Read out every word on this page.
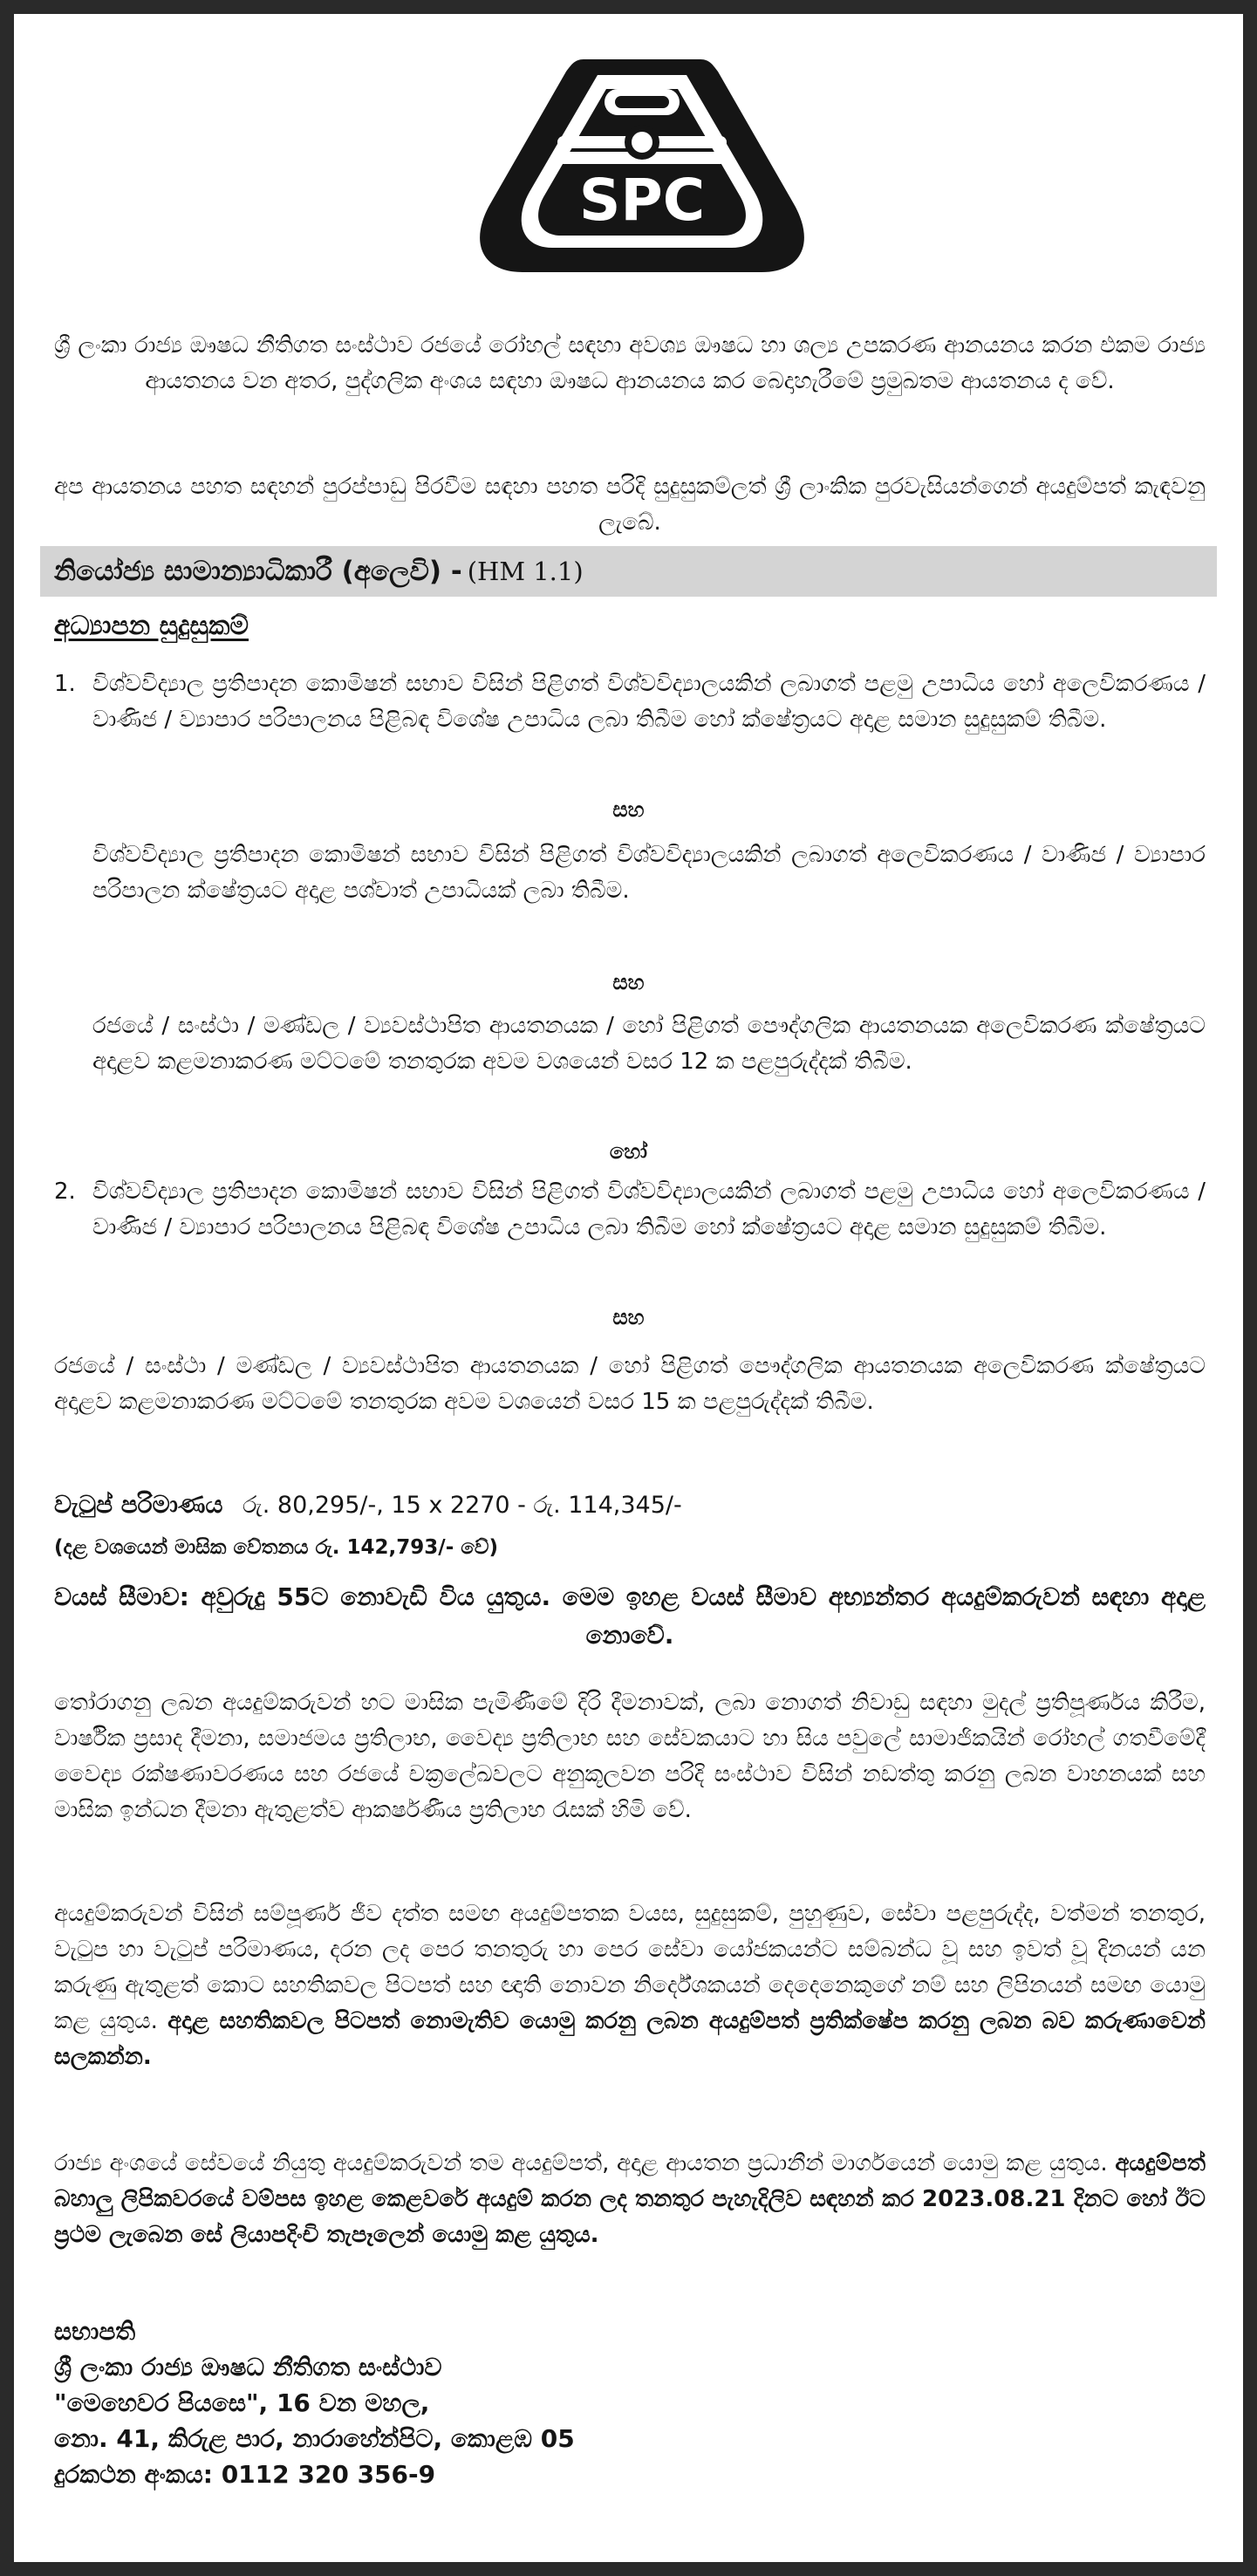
SPC

ශ්‍රී ලංකා රාජ්‍ය ඖෂධ නීතිගත සංස්ථාව රජයේ රෝහල් සඳහා අවශ්‍ය ඖෂධ හා ශල්‍ය උපකරණ ආනයනය කරන එකම රාජ්‍ය ආයතනය වන අතර, පුද්ගලික අංශය සඳහා ඖෂධ ආනයනය කර බෙදාහැරීමේ ප්‍රමුඛතම ආයතනය ද වේ.

අප ආයතනය පහත සඳහන් පුරප්පාඩු පිරවීම සඳහා පහත පරිදි සුදුසුකම්ලත් ශ්‍රී ලාංකික පුරවැසියන්ගෙන් අයදුම්පත් කැඳවනු ලැබේ.

නියෝජ්‍ය සාමාන්‍යාධිකාරී (අලෙවි) - (HM 1.1)
අධ්‍යාපන සුදුසුකම්
1. විශ්වවිද්‍යාල ප්‍රතිපාදන කොමිෂන් සභාව විසින් පිළිගත් විශ්වවිද්‍යාලයකින් ලබාගත් පළමු උපාධිය හෝ අලෙවිකරණය / වාණිජ / ව්‍යාපාර පරිපාලනය පිළිබඳ විශේෂ උපාධිය ලබා තිබීම හෝ ක්ෂේත්‍රයට අදාළ සමාන සුදුසුකම් තිබීම.
සහ
විශ්වවිද්‍යාල ප්‍රතිපාදන කොමිෂන් සභාව විසින් පිළිගත් විශ්වවිද්‍යාලයකින් ලබාගත් අලෙවිකරණය / වාණිජ / ව්‍යාපාර පරිපාලන ක්ෂේත්‍රයට අදාළ පශ්චාත් උපාධියක් ලබා තිබීම.
සහ
රජයේ / සංස්ථා / මණ්ඩල / ව්‍යවස්ථාපිත ආයතනයක / හෝ පිළිගත් පෞද්ගලික ආයතනයක අලෙවිකරණ ක්ෂේත්‍රයට අදාළව කළමනාකරණ මට්ටමේ තනතුරක අවම වශයෙන් වසර 12 ක පළපුරුද්දක් තිබීම.
හෝ
2. විශ්වවිද්‍යාල ප්‍රතිපාදන කොමිෂන් සභාව විසින් පිළිගත් විශ්වවිද්‍යාලයකින් ලබාගත් පළමු උපාධිය හෝ අලෙවිකරණය / වාණිජ / ව්‍යාපාර පරිපාලනය පිළිබඳ විශේෂ උපාධිය ලබා තිබීම හෝ ක්ෂේත්‍රයට අදාළ සමාන සුදුසුකම් තිබීම.
සහ
රජයේ / සංස්ථා / මණ්ඩල / ව්‍යවස්ථාපිත ආයතනයක / හෝ පිළිගත් පෞද්ගලික ආයතනයක අලෙවිකරණ ක්ෂේත්‍රයට අදාළව කළමනාකරණ මට්ටමේ තනතුරක අවම වශයෙන් වසර 15 ක පළපුරුද්දක් තිබීම.
වැටුප් පරිමාණය රු. 80,295/-, 15 x 2270 - රු. 114,345/-
(දළ වශයෙන් මාසික වේතනය රු. 142,793/- වේ)
වයස් සීමාව: අවුරුදු 55ට නොවැඩි විය යුතුය. මෙම ඉහළ වයස් සීමාව අභ්‍යන්තර අයදුම්කරුවන් සඳහා අදාළ නොවේ.

තෝරාගනු ලබන අයදුම්කරුවන් හට මාසික පැමිණීමේ දිරි දීමනාවක්, ලබා නොගත් නිවාඩු සඳහා මුදල් ප්‍රතිපූර්ණය කිරීම, වාර්ෂික ප්‍රසාද දීමනා, සමාජමය ප්‍රතිලාභ, වෛද්‍ය ප්‍රතිලාභ සහ සේවකයාට හා සිය පවුලේ සාමාජිකයින් රෝහල් ගතවීමේදී වෛද්‍ය රක්ෂණාවරණය සහ රජයේ චක්‍රලේඛවලට අනුකූලවන පරිදි සංස්ථාව විසින් නඩත්තු කරනු ලබන වාහනයක් සහ මාසික ඉන්ධන දීමනා ඇතුළත්ව ආකර්ෂණීය ප්‍රතිලාභ රැසක් හිමි වේ.

අයදුම්කරුවන් විසින් සම්පූර්ණ ජීව දත්ත සමඟ අයදුම්පතක වයස, සුදුසුකම්, පුහුණුව, සේවා පළපුරුද්ද, වත්මන් තනතුර, වැටුප හා වැටුප් පරිමාණය, දරන ලද පෙර තනතුරු හා පෙර සේවා යෝජකයන්ට සම්බන්ධ වූ සහ ඉවත් වූ දිනයන් යන කරුණු ඇතුළත් කොට සහතිකවල පිටපත් සහ ඥාති නොවන නිර්දේශකයන් දෙදෙනෙකුගේ නම් සහ ලිපිනයන් සමඟ යොමු කළ යුතුය. අදාළ සහතිකවල පිටපත් නොමැතිව යොමු කරනු ලබන අයදුම්පත් ප්‍රතික්ෂේප කරනු ලබන බව කරුණාවෙන් සලකන්න.

රාජ්‍ය අංශයේ සේවයේ නියුතු අයදුම්කරුවන් තම අයදුම්පත්, අදාළ ආයතන ප්‍රධානීන් මාර්ගයෙන් යොමු කළ යුතුය. අයදුම්පත් බහාලු ලිපිකවරයේ වම්පස ඉහළ කෙළවරේ අයදුම් කරන ලද තනතුර පැහැදිලිව සඳහන් කර 2023.08.21 දිනට හෝ ඊට ප්‍රථම ලැබෙන සේ ලියාපදිංචි තැපෑලෙන් යොමු කළ යුතුය.

සභාපති
ශ්‍රී ලංකා රාජ්‍ය ඖෂධ නීතිගත සංස්ථාව
"මෙහෙවර පියසෙ", 16 වන මහල,
නො. 41, කිරුළ පාර, නාරාහේන්පිට, කොළඹ 05
දුරකථන අංකය: 0112 320 356-9
